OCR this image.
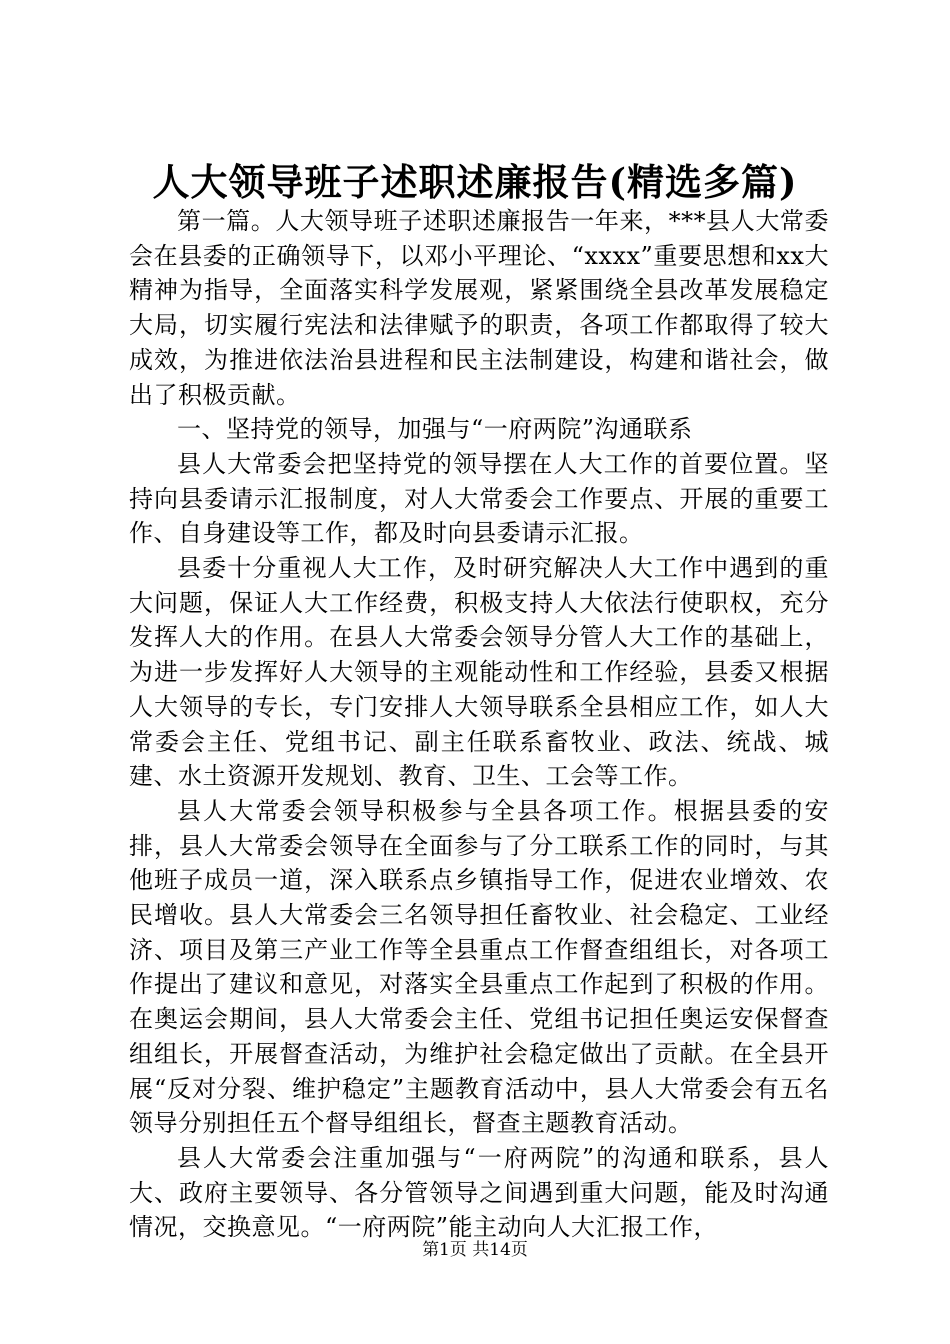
人大领导班子述职述廉报告(精选多篇)

第一篇。人大领导班子述职述廉报告一年来，***县人大常委会在县委的正确领导下，以邓小平理论、“xxxx”重要思想和xx大精神为指导，全面落实科学发展观，紧紧围绕全县改革发展稳定大局，切实履行宪法和法律赋予的职责，各项工作都取得了较大成效，为推进依法治县进程和民主法制建设，构建和谐社会，做出了积极贡献。

一、坚持党的领导，加强与“一府两院”沟通联系

县人大常委会把坚持党的领导摆在人大工作的首要位置。坚持向县委请示汇报制度，对人大常委会工作要点、开展的重要工作、自身建设等工作，都及时向县委请示汇报。

县委十分重视人大工作，及时研究解决人大工作中遇到的重大问题，保证人大工作经费，积极支持人大依法行使职权，充分发挥人大的作用。在县人大常委会领导分管人大工作的基础上，为进一步发挥好人大领导的主观能动性和工作经验，县委又根据人大领导的专长，专门安排人大领导联系全县相应工作，如人大常委会主任、党组书记、副主任联系畜牧业、政法、统战、城建、水土资源开发规划、教育、卫生、工会等工作。

县人大常委会领导积极参与全县各项工作。根据县委的安排，县人大常委会领导在全面参与了分工联系工作的同时，与其他班子成员一道，深入联系点乡镇指导工作，促进农业增效、农民增收。县人大常委会三名领导担任畜牧业、社会稳定、工业经济、项目及第三产业工作等全县重点工作督查组组长，对各项工作提出了建议和意见，对落实全县重点工作起到了积极的作用。在奥运会期间，县人大常委会主任、党组书记担任奥运安保督查组组长，开展督查活动，为维护社会稳定做出了贡献。在全县开展“反对分裂、维护稳定”主题教育活动中，县人大常委会有五名领导分别担任五个督导组组长，督查主题教育活动。

县人大常委会注重加强与“一府两院”的沟通和联系，县人大、政府主要领导、各分管领导之间遇到重大问题，能及时沟通情况，交换意见。“一府两院”能主动向人大汇报工作，

第1页 共14页
